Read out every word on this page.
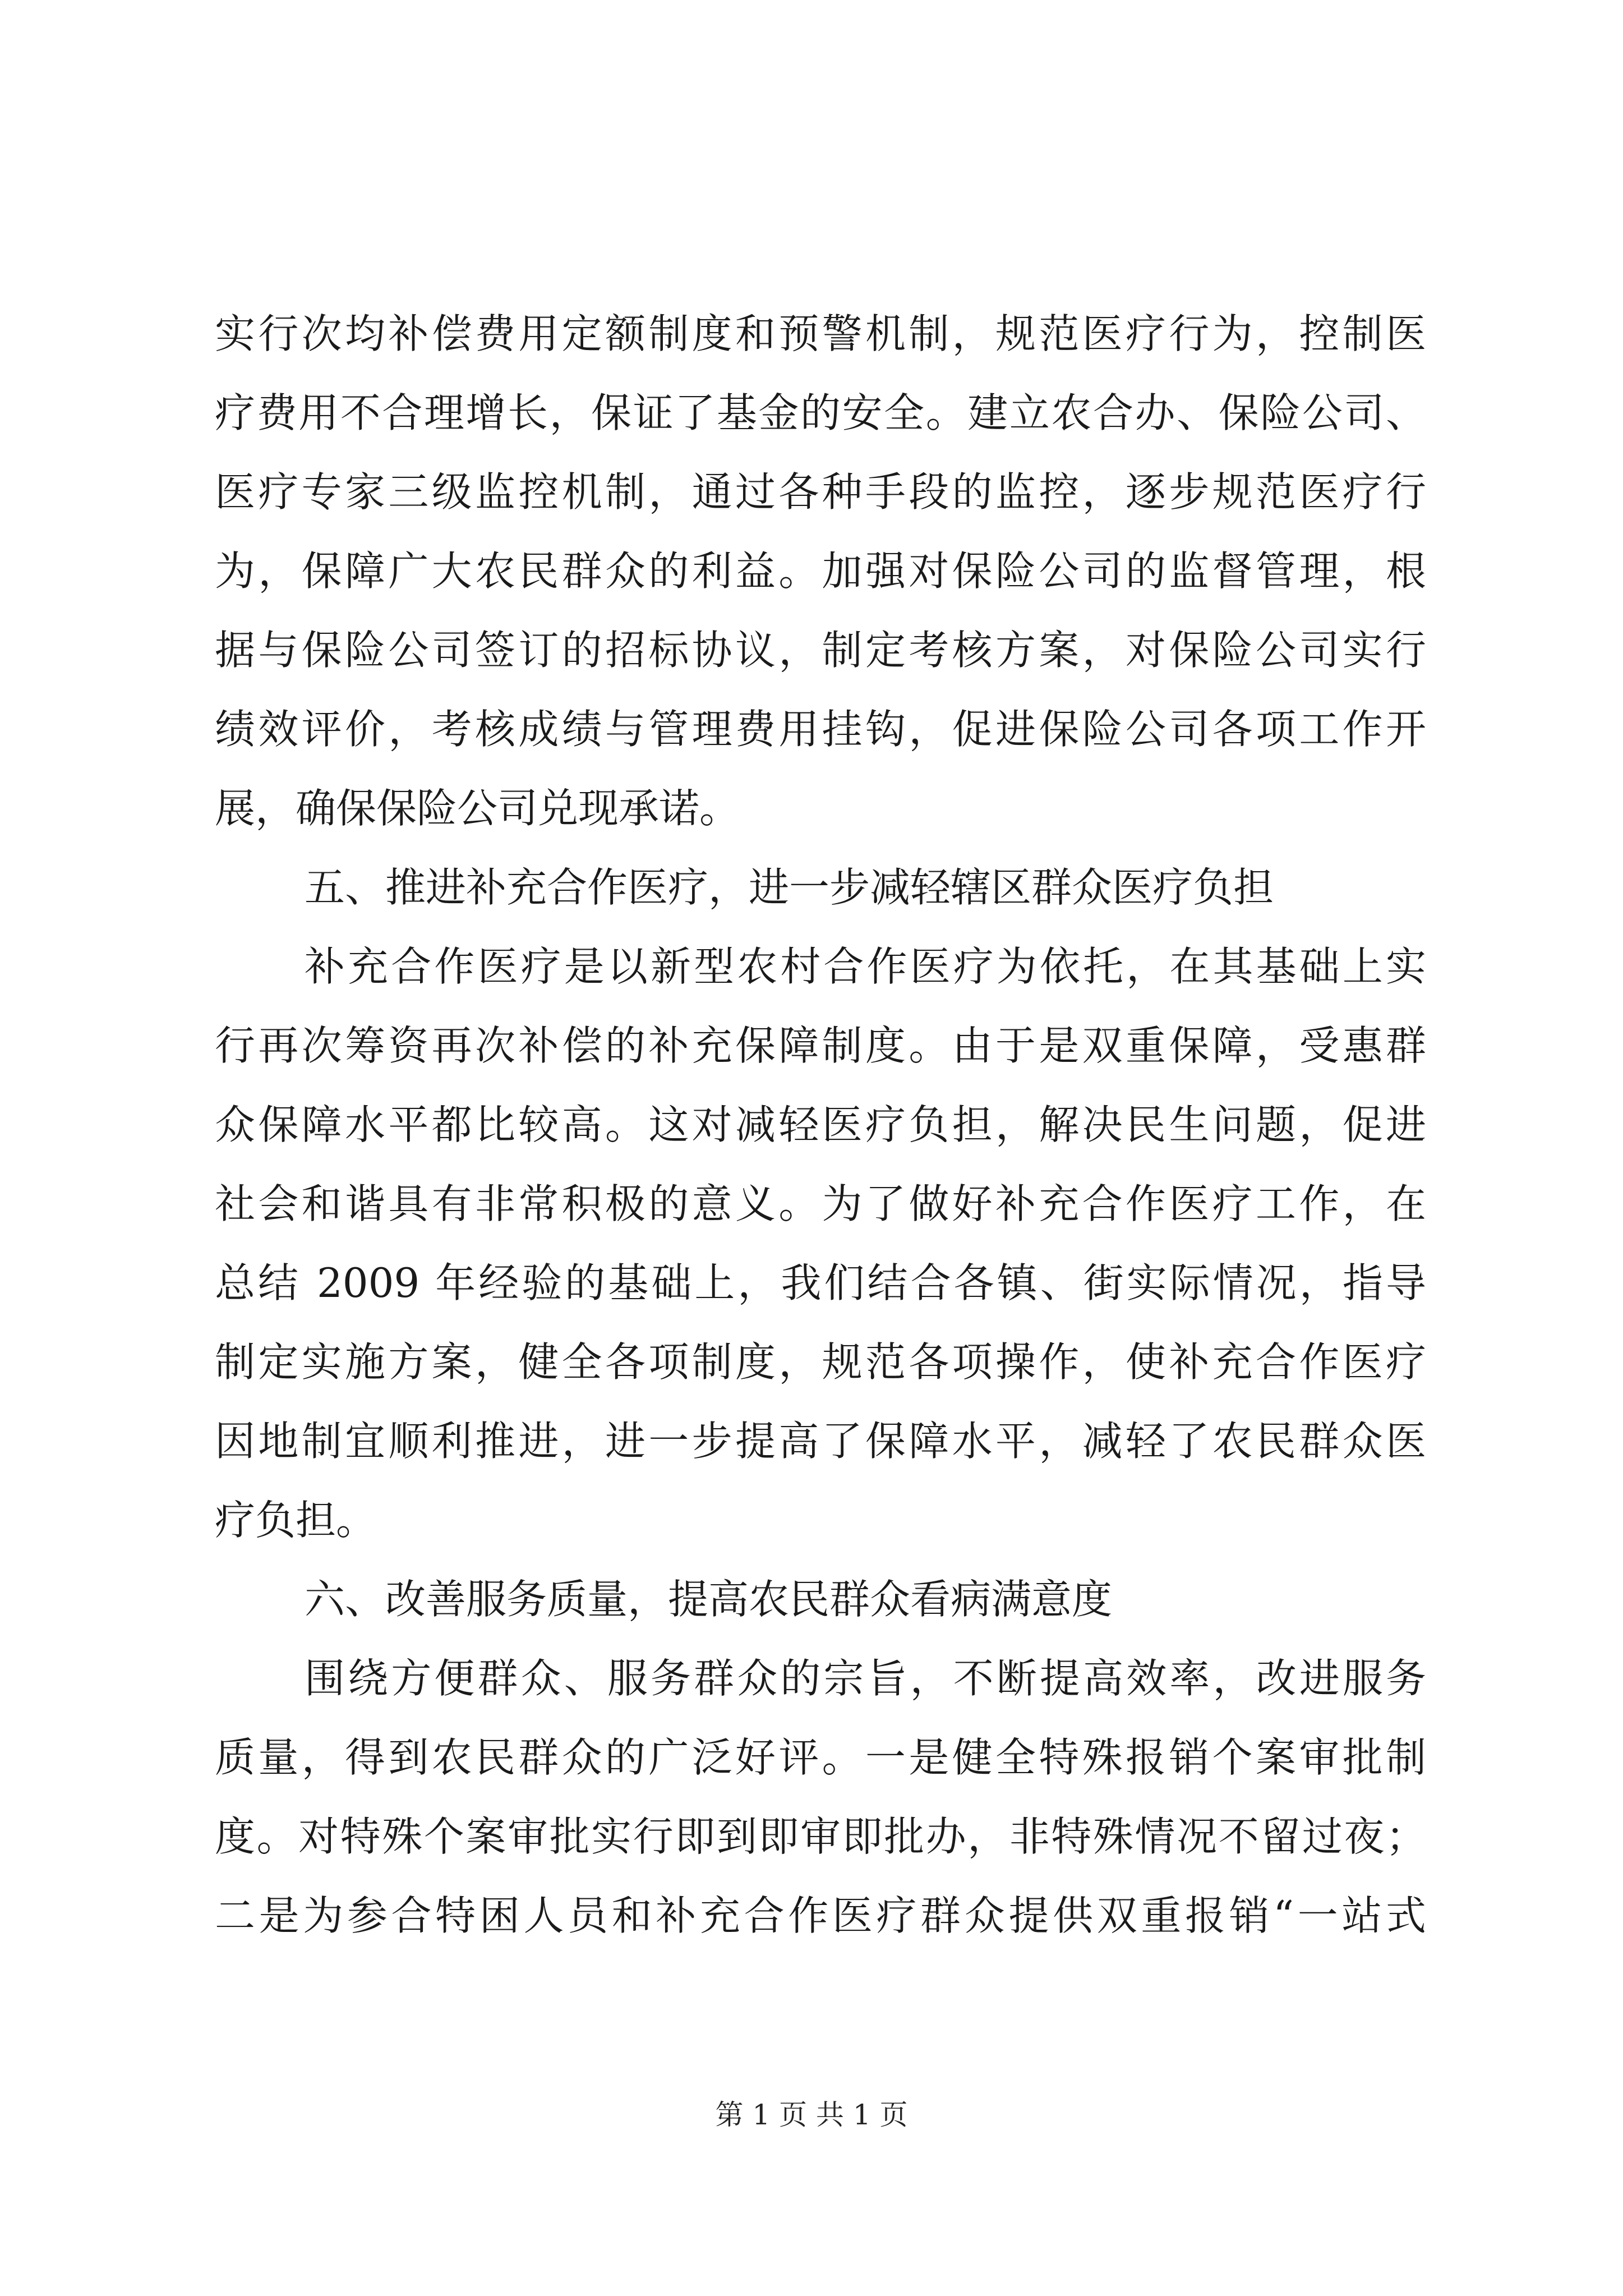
实行次均补偿费用定额制度和预警机制，规范医疗行为，控制医
疗费用不合理增长，保证了基金的安全。建立农合办、保险公司、
医疗专家三级监控机制，通过各种手段的监控，逐步规范医疗行
为，保障广大农民群众的利益。加强对保险公司的监督管理，根
据与保险公司签订的招标协议，制定考核方案，对保险公司实行
绩效评价，考核成绩与管理费用挂钩，促进保险公司各项工作开
展，确保保险公司兑现承诺。
五、推进补充合作医疗，进一步减轻辖区群众医疗负担
补充合作医疗是以新型农村合作医疗为依托，在其基础上实
行再次筹资再次补偿的补充保障制度。由于是双重保障，受惠群
众保障水平都比较高。这对减轻医疗负担，解决民生问题，促进
社会和谐具有非常积极的意义。为了做好补充合作医疗工作，在
总结 2009 年经验的基础上，我们结合各镇、街实际情况，指导
制定实施方案，健全各项制度，规范各项操作，使补充合作医疗
因地制宜顺利推进，进一步提高了保障水平，减轻了农民群众医
疗负担。
六、改善服务质量，提高农民群众看病满意度
围绕方便群众、服务群众的宗旨，不断提高效率，改进服务
质量，得到农民群众的广泛好评。一是健全特殊报销个案审批制
度。对特殊个案审批实行即到即审即批办，非特殊情况不留过夜；
二是为参合特困人员和补充合作医疗群众提供双重报销“一站式
第 1 页 共 1 页
